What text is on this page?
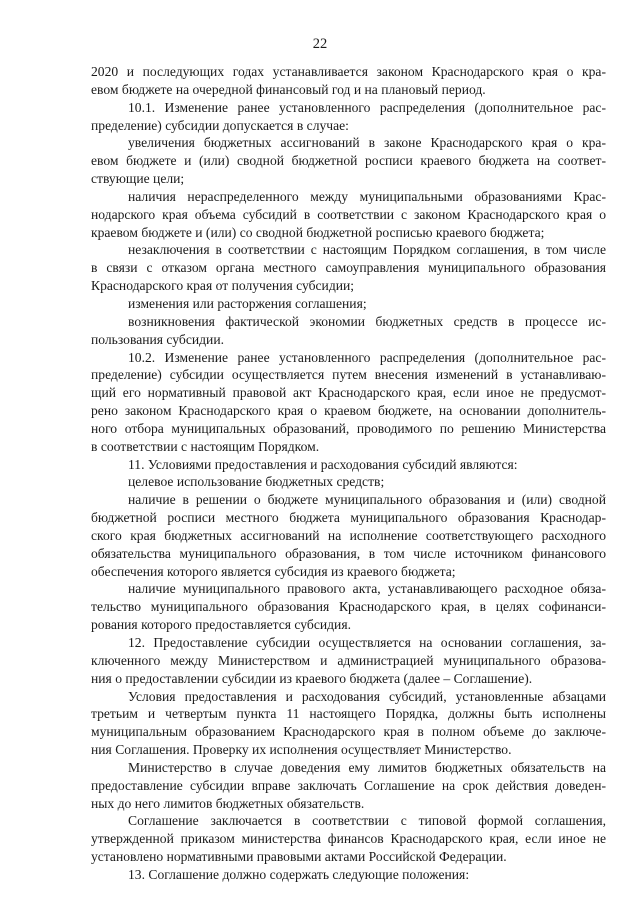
22

2020 и последующих годах устанавливается законом Краснодарского края о кра-
евом бюджете на очередной финансовый год и на плановый период.

10.1. Изменение ранее установленного распределения (дополнительное рас-
пределение) субсидии допускается в случае:

увеличения бюджетных ассигнований в законе Краснодарского края о кра-
евом бюджете и (или) сводной бюджетной росписи краевого бюджета на соответ-
ствующие цели;

наличия нераспределенного между муниципальными образованиями Крас-
нодарского края объема субсидий в соответствии с законом Краснодарского края о
краевом бюджете и (или) со сводной бюджетной росписью краевого бюджета;

незаключения в соответствии с настоящим Порядком соглашения, в том числе
в связи с отказом органа местного самоуправления муниципального образования
Краснодарского края от получения субсидии;

изменения или расторжения соглашения;

возникновения фактической экономии бюджетных средств в процессе ис-
пользования субсидии.

10.2. Изменение ранее установленного распределения (дополнительное рас-
пределение) субсидии осуществляется путем внесения изменений в устанавливаю-
щий его нормативный правовой акт Краснодарского края, если иное не предусмот-
рено законом Краснодарского края о краевом бюджете, на основании дополнитель-
ного отбора муниципальных образований, проводимого по решению Министерства
в соответствии с настоящим Порядком.

11. Условиями предоставления и расходования субсидий являются:

целевое использование бюджетных средств;

наличие в решении о бюджете муниципального образования и (или) сводной
бюджетной росписи местного бюджета муниципального образования Краснодар-
ского края бюджетных ассигнований на исполнение соответствующего расходного
обязательства муниципального образования, в том числе источником финансового
обеспечения которого является субсидия из краевого бюджета;

наличие муниципального правового акта, устанавливающего расходное обяза-
тельство муниципального образования Краснодарского края, в целях софинанси-
рования которого предоставляется субсидия.

12. Предоставление субсидии осуществляется на основании соглашения, за-
ключенного между Министерством и администрацией муниципального образова-
ния о предоставлении субсидии из краевого бюджета (далее – Соглашение).

Условия предоставления и расходования субсидий, установленные абзацами
третьим и четвертым пункта 11 настоящего Порядка, должны быть исполнены
муниципальным образованием Краснодарского края в полном объеме до заключе-
ния Соглашения. Проверку их исполнения осуществляет Министерство.

Министерство в случае доведения ему лимитов бюджетных обязательств на
предоставление субсидии вправе заключать Соглашение на срок действия доведен-
ных до него лимитов бюджетных обязательств.

Соглашение заключается в соответствии с типовой формой соглашения,
утвержденной приказом министерства финансов Краснодарского края, если иное не
установлено нормативными правовыми актами Российской Федерации.

13. Соглашение должно содержать следующие положения:
